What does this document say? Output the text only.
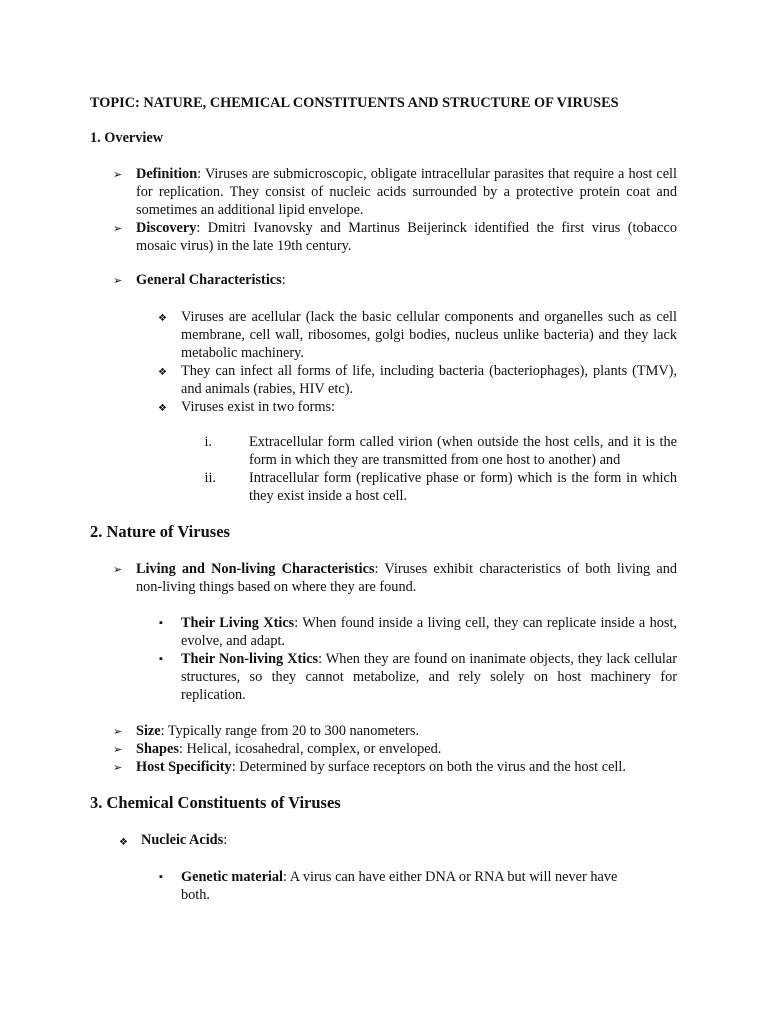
TOPIC: NATURE, CHEMICAL CONSTITUENTS AND STRUCTURE OF VIRUSES
1. Overview
➢ Definition: Viruses are submicroscopic, obligate intracellular parasites that require a host cell for replication. They consist of nucleic acids surrounded by a protective protein coat and sometimes an additional lipid envelope.
➢ Discovery: Dmitri Ivanovsky and Martinus Beijerinck identified the first virus (tobacco mosaic virus) in the late 19th century.
➢ General Characteristics:
❖ Viruses are acellular (lack the basic cellular components and organelles such as cell membrane, cell wall, ribosomes, golgi bodies, nucleus unlike bacteria) and they lack metabolic machinery.
❖ They can infect all forms of life, including bacteria (bacteriophages), plants (TMV), and animals (rabies, HIV etc).
❖ Viruses exist in two forms:
i.	Extracellular form called virion (when outside the host cells, and it is the form in which they are transmitted from one host to another) and
ii. Intracellular form (replicative phase or form) which is the form in which they exist inside a host cell.
2. Nature of Viruses
➢ Living and Non-living Characteristics: Viruses exhibit characteristics of both living and non-living things based on where they are found.
▪	Their Living Xtics: When found inside a living cell, they can replicate inside a host, evolve, and adapt.
▪	Their Non-living Xtics: When they are found on inanimate objects, they lack cellular structures, so they cannot metabolize, and rely solely on host machinery for replication.
➢ Size: Typically range from 20 to 300 nanometers.
➢ Shapes: Helical, icosahedral, complex, or enveloped.
➢ Host Specificity: Determined by surface receptors on both the virus and the host cell.
3. Chemical Constituents of Viruses
❖ Nucleic Acids:
▪	Genetic material: A virus can have either DNA or RNA but will never have both.
